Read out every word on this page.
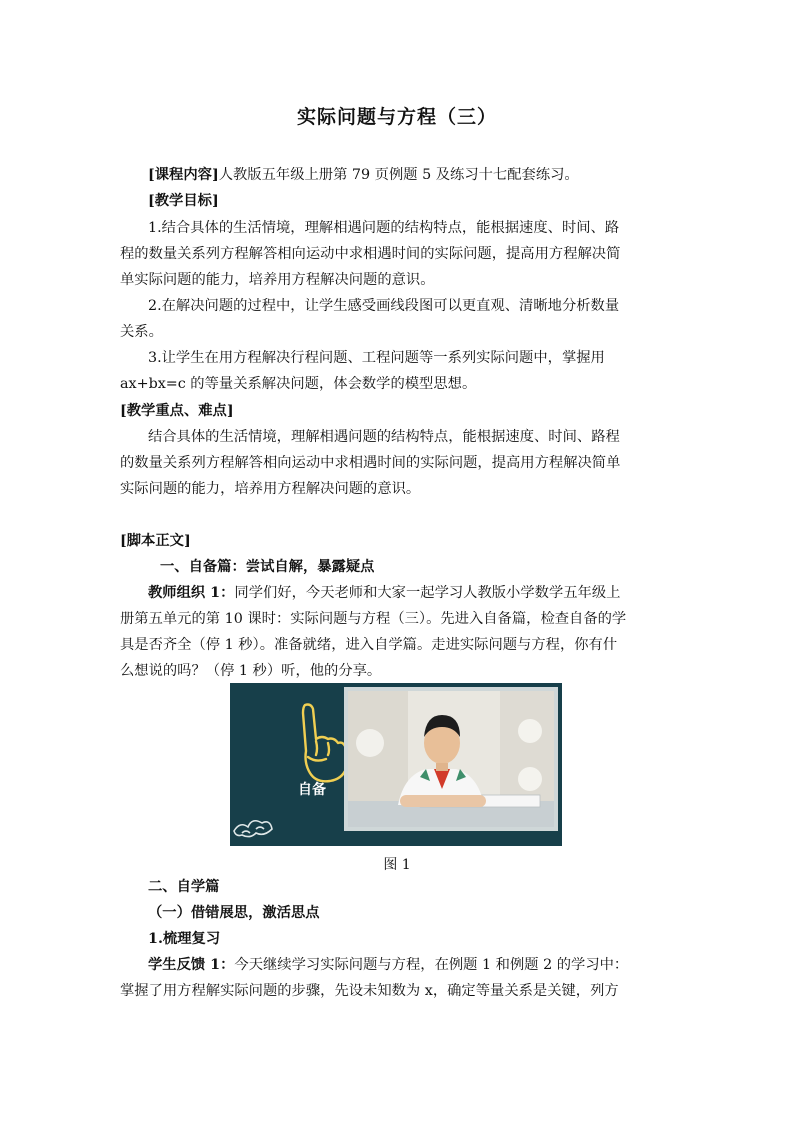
实际问题与方程（三）
[课程内容]人教版五年级上册第 79 页例题 5 及练习十七配套练习。
[教学目标]
1.结合具体的生活情境，理解相遇问题的结构特点，能根据速度、时间、路
程的数量关系列方程解答相向运动中求相遇时间的实际问题，提高用方程解决简
单实际问题的能力，培养用方程解决问题的意识。
2.在解决问题的过程中，让学生感受画线段图可以更直观、清晰地分析数量
关系。
3.让学生在用方程解决行程问题、工程问题等一系列实际问题中，掌握用
ax+bx=c 的等量关系解决问题，体会数学的模型思想。
[教学重点、难点]
结合具体的生活情境，理解相遇问题的结构特点，能根据速度、时间、路程
的数量关系列方程解答相向运动中求相遇时间的实际问题，提高用方程解决简单
实际问题的能力，培养用方程解决问题的意识。
[脚本正文]
一、自备篇：尝试自解，暴露疑点
教师组织 1：同学们好，今天老师和大家一起学习人教版小学数学五年级上
册第五单元的第 10 课时：实际问题与方程（三）。先进入自备篇，检查自备的学
具是否齐全（停 1 秒）。准备就绪，进入自学篇。走进实际问题与方程，你有什
么想说的吗？（停 1 秒）听，他的分享。
自备
图 1
二、自学篇
（一）借错展思，激活思点
1.梳理复习
学生反馈 1：今天继续学习实际问题与方程，在例题 1 和例题 2 的学习中：
掌握了用方程解实际问题的步骤，先设未知数为 x，确定等量关系是关键，列方
